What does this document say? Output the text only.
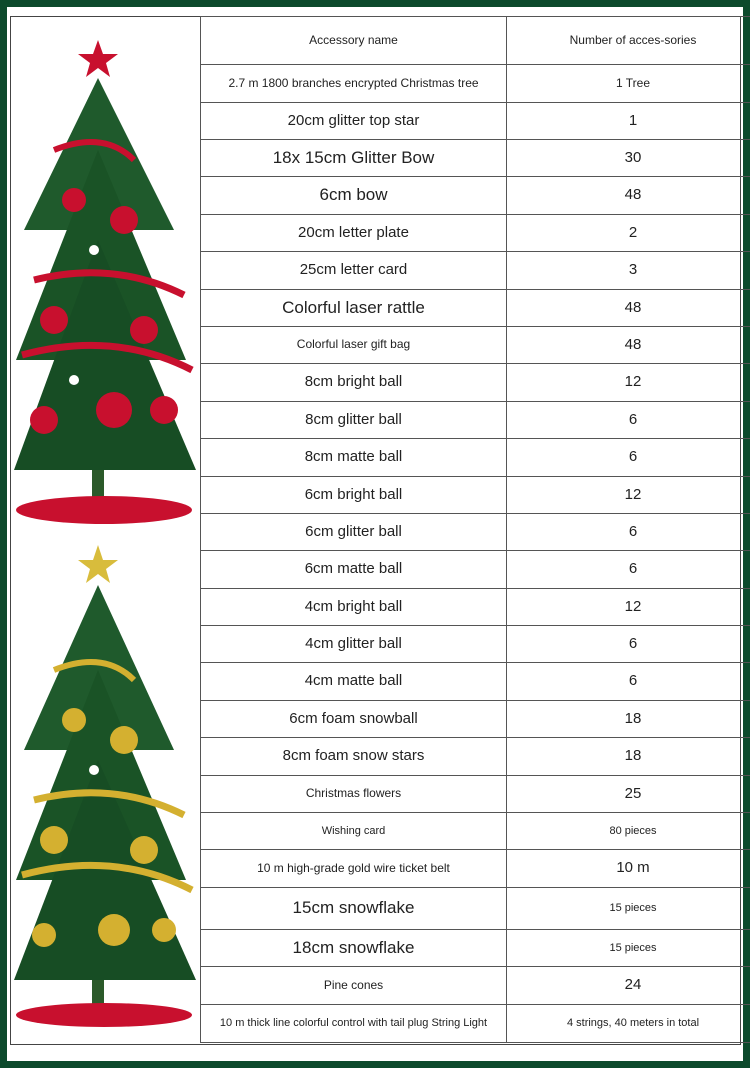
Accessory name	Number of acces-sories
2.7 m 1800 branches encrypted Christmas tree	1 Tree
20cm glitter top star	1
18x 15cm Glitter Bow	30
6cm bow	48
20cm letter plate	2
25cm letter card	3
Colorful laser rattle	48
Colorful laser gift bag	48
8cm bright ball	12
8cm glitter ball	6
8cm matte ball	6
6cm bright ball	12
6cm glitter ball	6
6cm matte ball	6
4cm bright ball	12
4cm glitter ball	6
4cm matte ball	6
6cm foam snowball	18
8cm foam snow stars	18
Christmas flowers	25
Wishing card	80 pieces
10 m high-grade gold wire ticket belt	10 m
15cm snowflake	15 pieces
18cm snowflake	15 pieces
Pine cones	24
10 m thick line colorful control with tail plug String Light	4 strings, 40 meters in total
